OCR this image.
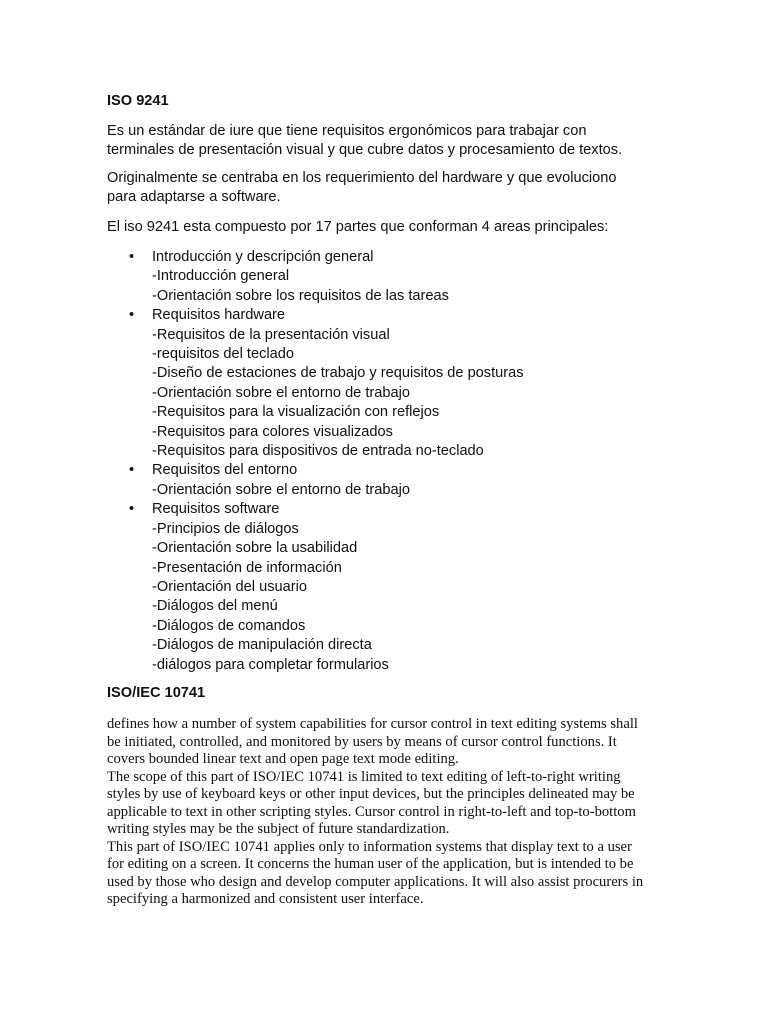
ISO 9241

Es un estándar de iure que tiene requisitos ergonómicos para trabajar con
terminales de presentación visual y que cubre datos y procesamiento de textos.

Originalmente se centraba en los requerimiento del hardware y que evoluciono
para adaptarse a software.

El iso 9241 esta compuesto por 17 partes que conforman 4 areas principales:

• Introducción y descripción general
-Introducción general
-Orientación sobre los requisitos de las tareas
• Requisitos hardware
-Requisitos de la presentación visual
-requisitos del teclado
-Diseño de estaciones de trabajo y requisitos de posturas
-Orientación sobre el entorno de trabajo
-Requisitos para la visualización con reflejos
-Requisitos para colores visualizados
-Requisitos para dispositivos de entrada no-teclado
• Requisitos del entorno
-Orientación sobre el entorno de trabajo
• Requisitos software
-Principios de diálogos
-Orientación sobre la usabilidad
-Presentación de información
-Orientación del usuario
-Diálogos del menú
-Diálogos de comandos
-Diálogos de manipulación directa
-diálogos para completar formularios
ISO/IEC 10741
defines how a number of system capabilities for cursor control in text editing systems shall
be initiated, controlled, and monitored by users by means of cursor control functions. It
covers bounded linear text and open page text mode editing.
The scope of this part of ISO/IEC 10741 is limited to text editing of left-to-right writing
styles by use of keyboard keys or other input devices, but the principles delineated may be
applicable to text in other scripting styles. Cursor control in right-to-left and top-to-bottom
writing styles may be the subject of future standardization.
This part of ISO/IEC 10741 applies only to information systems that display text to a user
for editing on a screen. It concerns the human user of the application, but is intended to be
used by those who design and develop computer applications. It will also assist procurers in
specifying a harmonized and consistent user interface.
